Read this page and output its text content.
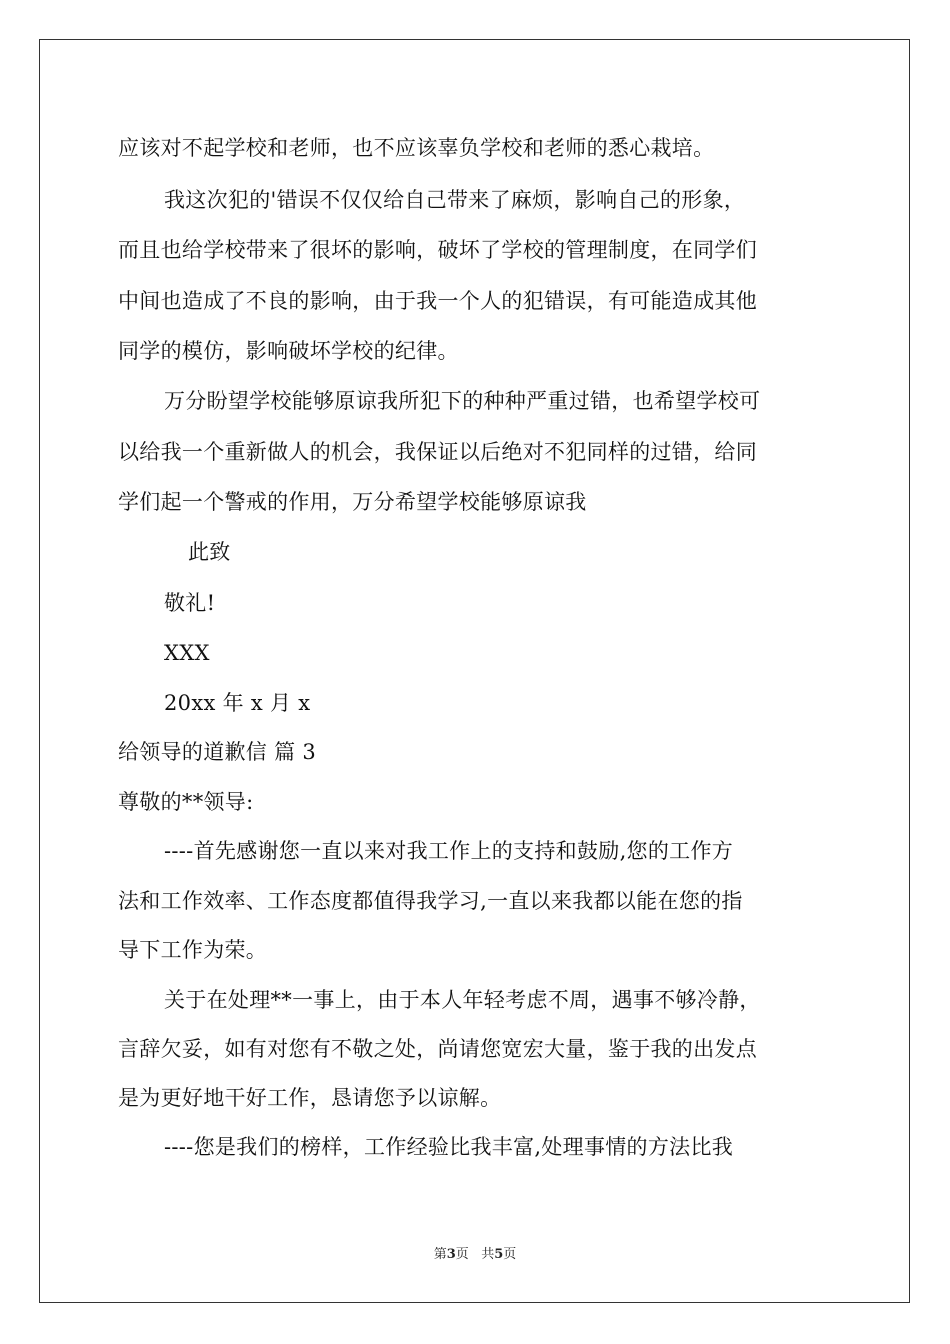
应该对不起学校和老师，也不应该辜负学校和老师的悉心栽培。
我这次犯的'错误不仅仅给自己带来了麻烦，影响自己的形象，
而且也给学校带来了很坏的影响，破坏了学校的管理制度，在同学们
中间也造成了不良的影响，由于我一个人的犯错误，有可能造成其他
同学的模仿，影响破坏学校的纪律。
万分盼望学校能够原谅我所犯下的种种严重过错，也希望学校可
以给我一个重新做人的机会，我保证以后绝对不犯同样的过错，给同
学们起一个警戒的作用，万分希望学校能够原谅我
此致
敬礼!
XXX
20xx 年 x 月 x
给领导的道歉信 篇 3
尊敬的**领导:
----首先感谢您一直以来对我工作上的支持和鼓励,您的工作方
法和工作效率、工作态度都值得我学习,一直以来我都以能在您的指
导下工作为荣。
关于在处理**一事上，由于本人年轻考虑不周，遇事不够冷静，
言辞欠妥，如有对您有不敬之处，尚请您宽宏大量，鉴于我的出发点
是为更好地干好工作，恳请您予以谅解。
----您是我们的榜样，工作经验比我丰富,处理事情的方法比我
第3页 共5页
